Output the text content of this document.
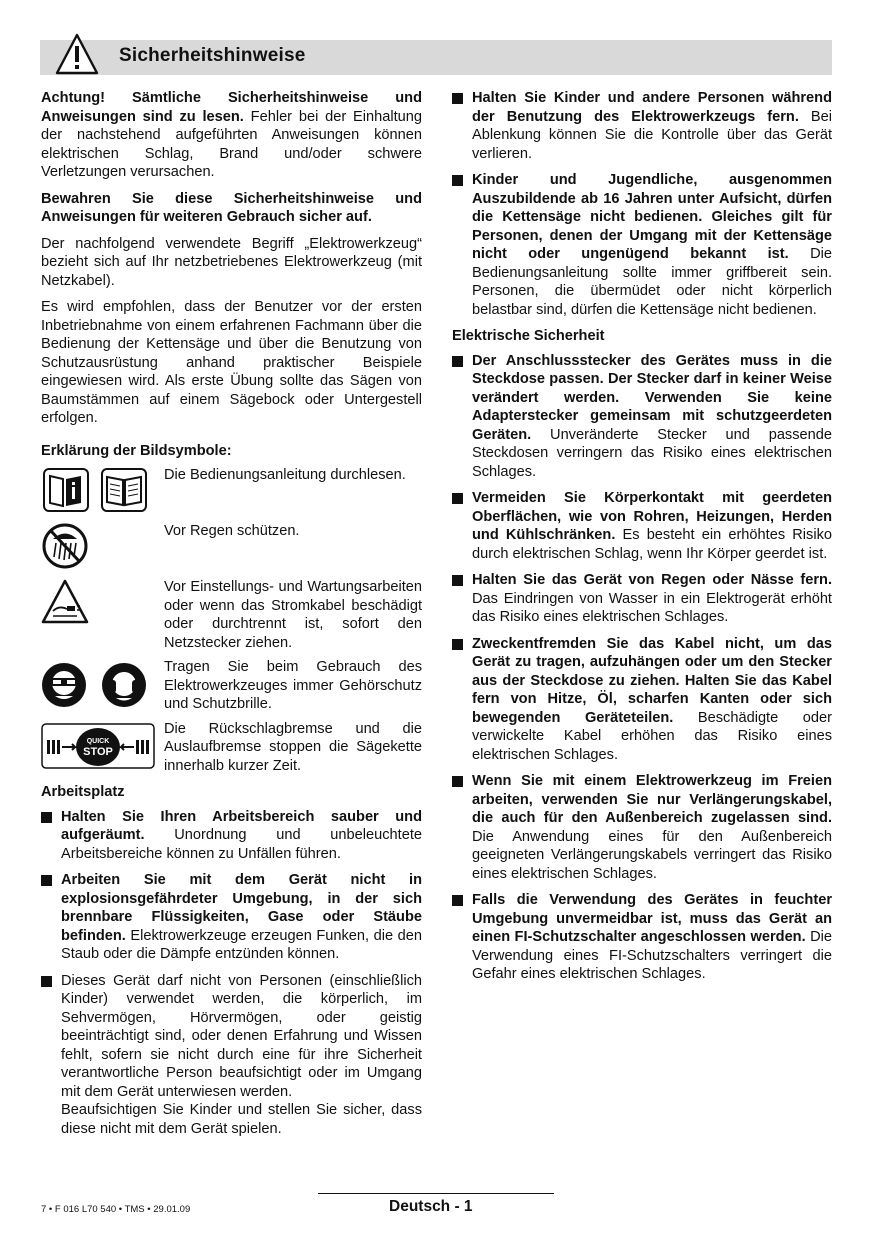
Sicherheitshinweise

Achtung! Sämtliche Sicherheitshinweise und Anweisungen sind zu lesen. Fehler bei der Einhaltung der nachstehend aufgeführten Anweisungen können elektrischen Schlag, Brand und/oder schwere Verletzungen verursachen.

Bewahren Sie diese Sicherheitshinweise und Anweisungen für weiteren Gebrauch sicher auf.

Der nachfolgend verwendete Begriff „Elektrowerkzeug“ bezieht sich auf Ihr netzbetriebenes Elektrowerkzeug (mit Netzkabel).

Es wird empfohlen, dass der Benutzer vor der ersten Inbetriebnahme von einem erfahrenen Fachmann über die Bedienung der Kettensäge und über die Benutzung von Schutzausrüstung anhand praktischer Beispiele eingewiesen wird. Als erste Übung sollte das Sägen von Baumstämmen auf einem Sägebock oder Untergestell erfolgen.

Erklärung der Bildsymbole:
Die Bedienungsanleitung durchlesen.
Vor Regen schützen.
Vor Einstellungs- und Wartungsarbeiten oder wenn das Stromkabel beschädigt oder durchtrennt ist, sofort den Netzstecker ziehen.
Tragen Sie beim Gebrauch des Elektrowerkzeuges immer Gehörschutz und Schutzbrille.
QUICK
STOP
Die Rückschlagbremse und die Auslaufbremse stoppen die Sägekette innerhalb kurzer Zeit.
Arbeitsplatz
Halten Sie Ihren Arbeitsbereich sauber und aufgeräumt. Unordnung und unbeleuchtete Arbeitsbereiche können zu Unfällen führen.
Arbeiten Sie mit dem Gerät nicht in explosionsgefährdeter Umgebung, in der sich brennbare Flüssigkeiten, Gase oder Stäube befinden. Elektrowerkzeuge erzeugen Funken, die den Staub oder die Dämpfe entzünden können.
Dieses Gerät darf nicht von Personen (einschließlich Kinder) verwendet werden, die körperlich, im Sehvermögen, Hörvermögen, oder geistig beeinträchtigt sind, oder denen Erfahrung und Wissen fehlt, sofern sie nicht durch eine für ihre Sicherheit verantwortliche Person beaufsichtigt oder im Umgang mit dem Gerät unterwiesen werden.

Beaufsichtigen Sie Kinder und stellen Sie sicher, dass diese nicht mit dem Gerät spielen.
Halten Sie Kinder und andere Personen während der Benutzung des Elektrowerkzeugs fern. Bei Ablenkung können Sie die Kontrolle über das Gerät verlieren.
Kinder und Jugendliche, ausgenommen Auszubildende ab 16 Jahren unter Aufsicht, dürfen die Kettensäge nicht bedienen. Gleiches gilt für Personen, denen der Umgang mit der Kettensäge nicht oder ungenügend bekannt ist. Die Bedienungsanleitung sollte immer griffbereit sein. Personen, die übermüdet oder nicht körperlich belastbar sind, dürfen die Kettensäge nicht bedienen.
Elektrische Sicherheit
Der Anschlussstecker des Gerätes muss in die Steckdose passen. Der Stecker darf in keiner Weise verändert werden. Verwenden Sie keine Adapterstecker gemeinsam mit schutzgeerdeten Geräten. Unveränderte Stecker und passende Steckdosen verringern das Risiko eines elektrischen Schlages.
Vermeiden Sie Körperkontakt mit geerdeten Oberflächen, wie von Rohren, Heizungen, Herden und Kühlschränken. Es besteht ein erhöhtes Risiko durch elektrischen Schlag, wenn Ihr Körper geerdet ist.
Halten Sie das Gerät von Regen oder Nässe fern. Das Eindringen von Wasser in ein Elektrogerät erhöht das Risiko eines elektrischen Schlages.
Zweckentfremden Sie das Kabel nicht, um das Gerät zu tragen, aufzuhängen oder um den Stecker aus der Steckdose zu ziehen. Halten Sie das Kabel fern von Hitze, Öl, scharfen Kanten oder sich bewegenden Geräteteilen. Beschädigte oder verwickelte Kabel erhöhen das Risiko eines elektrischen Schlages.
Wenn Sie mit einem Elektrowerkzeug im Freien arbeiten, verwenden Sie nur Verlängerungskabel, die auch für den Außenbereich zugelassen sind. Die Anwendung eines für den Außenbereich geeigneten Verlängerungskabels verringert das Risiko eines elektrischen Schlages.
Falls die Verwendung des Gerätes in feuchter Umgebung unvermeidbar ist, muss das Gerät an einen FI-Schutzschalter angeschlossen werden. Die Verwendung eines FI-Schutzschalters verringert die Gefahr eines elektrischen Schlages.
7 • F 016 L70 540 • TMS • 29.01.09	Deutsch - 1
